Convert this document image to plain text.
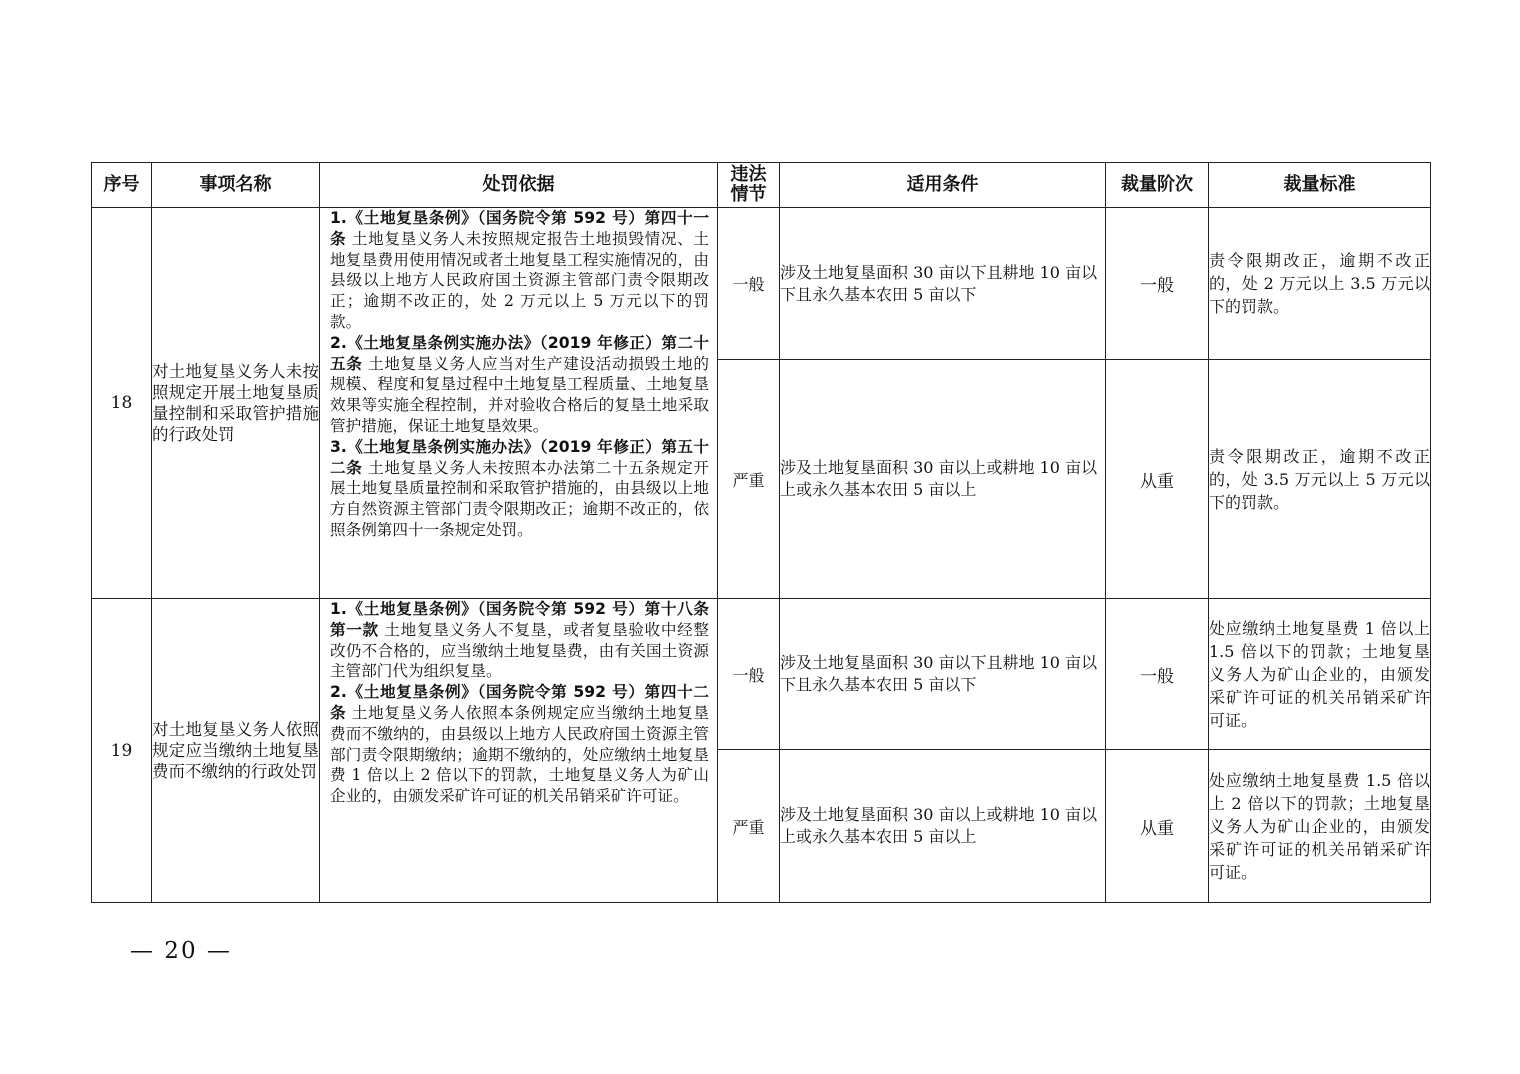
序号	事项名称	处罚依据	违法情节	适用条件	裁量阶次	裁量标准
18	对土地复垦义务人未按照规定开展土地复垦质量控制和采取管护措施的行政处罚	1.《土地复垦条例》（国务院令第 592 号）第四十一条 土地复垦义务人未按照规定报告土地损毁情况、土地复垦费用使用情况或者土地复垦工程实施情况的，由县级以上地方人民政府国土资源主管部门责令限期改正；逾期不改正的，处 2 万元以上 5 万元以下的罚款。
2.《土地复垦条例实施办法》（2019 年修正）第二十五条 土地复垦义务人应当对生产建设活动损毁土地的规模、程度和复垦过程中土地复垦工程质量、土地复垦效果等实施全程控制，并对验收合格后的复垦土地采取管护措施，保证土地复垦效果。
3.《土地复垦条例实施办法》（2019 年修正）第五十二条 土地复垦义务人未按照本办法第二十五条规定开展土地复垦质量控制和采取管护措施的，由县级以上地方自然资源主管部门责令限期改正；逾期不改正的，依照条例第四十一条规定处罚。	一般	涉及土地复垦面积 30 亩以下且耕地 10 亩以下且永久基本农田 5 亩以下	一般	责令限期改正，逾期不改正的，处 2 万元以上 3.5 万元以下的罚款。
			严重	涉及土地复垦面积 30 亩以上或耕地 10 亩以上或永久基本农田 5 亩以上	从重	责令限期改正，逾期不改正的，处 3.5 万元以上 5 万元以下的罚款。
19	对土地复垦义务人依照规定应当缴纳土地复垦费而不缴纳的行政处罚	1.《土地复垦条例》（国务院令第 592 号）第十八条第一款 土地复垦义务人不复垦，或者复垦验收中经整改仍不合格的，应当缴纳土地复垦费，由有关国土资源主管部门代为组织复垦。
2.《土地复垦条例》（国务院令第 592 号）第四十二条 土地复垦义务人依照本条例规定应当缴纳土地复垦费而不缴纳的，由县级以上地方人民政府国土资源主管部门责令限期缴纳；逾期不缴纳的，处应缴纳土地复垦费 1 倍以上 2 倍以下的罚款，土地复垦义务人为矿山企业的，由颁发采矿许可证的机关吊销采矿许可证。	一般	涉及土地复垦面积 30 亩以下且耕地 10 亩以下且永久基本农田 5 亩以下	一般	处应缴纳土地复垦费 1 倍以上 1.5 倍以下的罚款；土地复垦义务人为矿山企业的，由颁发采矿许可证的机关吊销采矿许可证。
			严重	涉及土地复垦面积 30 亩以上或耕地 10 亩以上或永久基本农田 5 亩以上	从重	处应缴纳土地复垦费 1.5 倍以上 2 倍以下的罚款；土地复垦义务人为矿山企业的，由颁发采矿许可证的机关吊销采矿许可证。
— 20 —
